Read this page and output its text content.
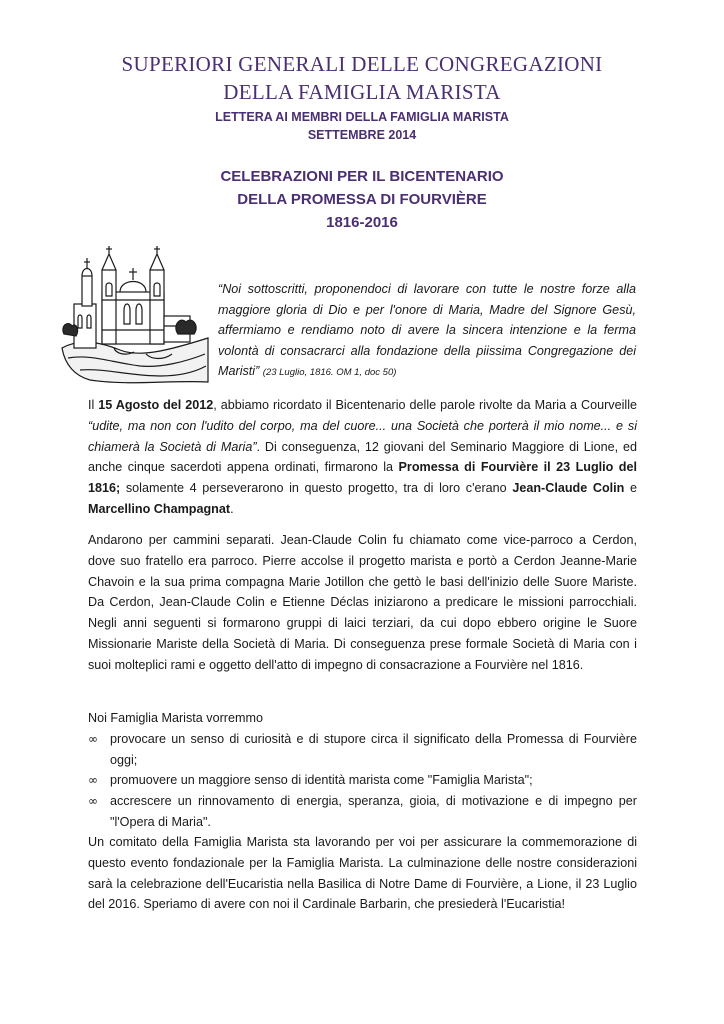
SUPERIORI GENERALI DELLE CONGREGAZIONI
DELLA FAMIGLIA MARISTA
LETTERA AI MEMBRI DELLA FAMIGLIA MARISTA
SETTEMBRE 2014
CELEBRAZIONI PER IL BICENTENARIO
DELLA PROMESSA DI FOURVIÈRE
1816-2016
“Noi sottoscritti, proponendoci di lavorare con tutte le nostre forze alla maggiore gloria di Dio e per l'onore di Maria, Madre del Signore Gesù, affermiamo e rendiamo noto di avere la sincera intenzione e la ferma volontà di consacrarci alla fondazione della piissima Congregazione dei Maristi” (23 Luglio, 1816. OM 1, doc 50)
Il 15 Agosto del 2012, abbiamo ricordato il Bicentenario delle parole rivolte da Maria a Courveille “udite, ma non con l'udito del corpo, ma del cuore... una Società che porterà il mio nome... e si chiamerà la Società di Maria”. Di conseguenza, 12 giovani del Seminario Maggiore di Lione, ed anche cinque sacerdoti appena ordinati, firmarono la Promessa di Fourvière il 23 Luglio del 1816; solamente 4 perseverarono in questo progetto, tra di loro c'erano Jean-Claude Colin e Marcellino Champagnat.
Andarono per cammini separati. Jean-Claude Colin fu chiamato come vice-parroco a Cerdon, dove suo fratello era parroco. Pierre accolse il progetto marista e portò a Cerdon Jeanne-Marie Chavoin e la sua prima compagna Marie Jotillon che gettò le basi dell'inizio delle Suore Mariste. Da Cerdon, Jean-Claude Colin e Etienne Déclas iniziarono a predicare le missioni parrocchiali. Negli anni seguenti si formarono gruppi di laici terziari, da cui dopo ebbero origine le Suore Missionarie Mariste della Società di Maria. Di conseguenza prese formale Società di Maria con i suoi molteplici rami e oggetto dell'atto di impegno di consacrazione a Fourvière nel 1816.
Noi Famiglia Marista vorremmo
∞ provocare un senso di curiosità e di stupore circa il significato della Promessa di Fourvière oggi;
∞ promuovere un maggiore senso di identità marista come "Famiglia Marista";
∞ accrescere un rinnovamento di energia, speranza, gioia, di motivazione e di impegno per "l'Opera di Maria".
Un comitato della Famiglia Marista sta lavorando per voi per assicurare la commemorazione di questo evento fondazionale per la Famiglia Marista. La culminazione delle nostre considerazioni sarà la celebrazione dell'Eucaristia nella Basilica di Notre Dame di Fourvière, a Lione, il 23 Luglio del 2016. Speriamo di avere con noi il Cardinale Barbarin, che presiederà l'Eucaristia!
